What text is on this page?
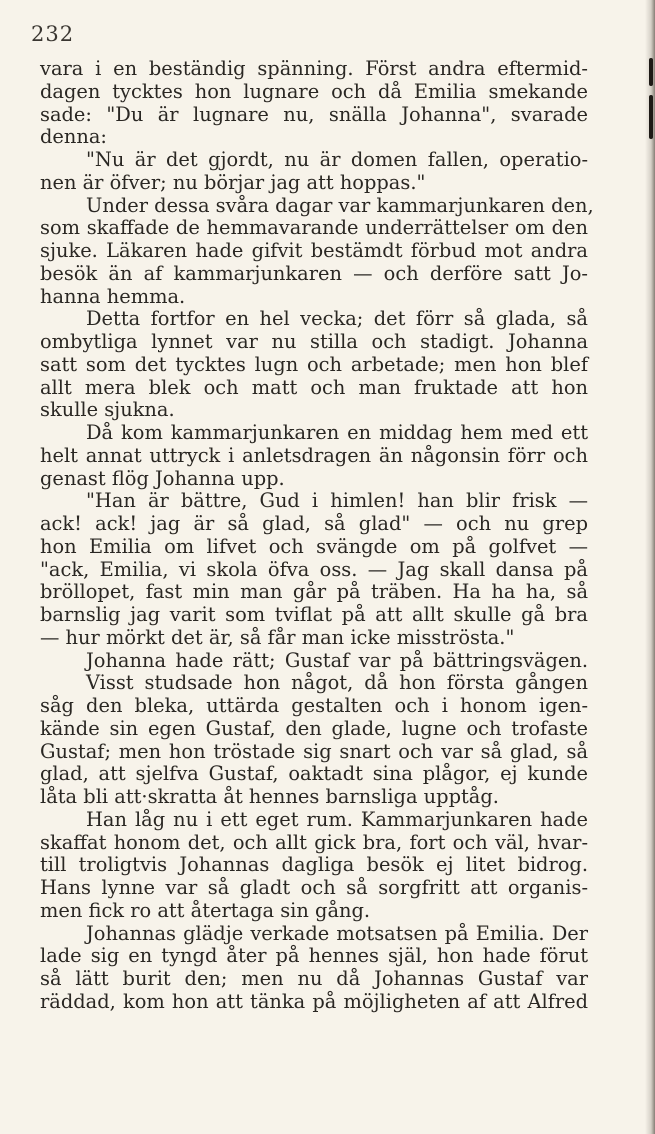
232
vara i en beständig spänning. Först andra eftermid-
dagen tycktes hon lugnare och då Emilia smekande
sade: "Du är lugnare nu, snälla Johanna", svarade
denna:
"Nu är det gjordt, nu är domen fallen, operatio-
nen är öfver; nu börjar jag att hoppas."
Under dessa svåra dagar var kammarjunkaren den,
som skaffade de hemmavarande underrättelser om den
sjuke. Läkaren hade gifvit bestämdt förbud mot andra
besök än af kammarjunkaren — och derföre satt Jo-
hanna hemma.
Detta fortfor en hel vecka; det förr så glada, så
ombytliga lynnet var nu stilla och stadigt. Johanna
satt som det tycktes lugn och arbetade; men hon blef
allt mera blek och matt och man fruktade att hon
skulle sjukna.
Då kom kammarjunkaren en middag hem med ett
helt annat uttryck i anletsdragen än någonsin förr och
genast flög Johanna upp.
"Han är bättre, Gud i himlen! han blir frisk —
ack! ack! jag är så glad, så glad" — och nu grep
hon Emilia om lifvet och svängde om på golfvet —
"ack, Emilia, vi skola öfva oss. — Jag skall dansa på
bröllopet, fast min man går på träben. Ha ha ha, så
barnslig jag varit som tviflat på att allt skulle gå bra
— hur mörkt det är, så får man icke misströsta."
Johanna hade rätt; Gustaf var på bättringsvägen.
Visst studsade hon något, då hon första gången
såg den bleka, uttärda gestalten och i honom igen-
kände sin egen Gustaf, den glade, lugne och trofaste
Gustaf; men hon tröstade sig snart och var så glad, så
glad, att sjelfva Gustaf, oaktadt sina plågor, ej kunde
låta bli att·skratta åt hennes barnsliga upptåg.
Han låg nu i ett eget rum. Kammarjunkaren hade
skaffat honom det, och allt gick bra, fort och väl, hvar-
till troligtvis Johannas dagliga besök ej litet bidrog.
Hans lynne var så gladt och så sorgfritt att organis-
men fick ro att återtaga sin gång.
Johannas glädje verkade motsatsen på Emilia. Der
lade sig en tyngd åter på hennes själ, hon hade förut
så lätt burit den; men nu då Johannas Gustaf var
räddad, kom hon att tänka på möjligheten af att Alfred
